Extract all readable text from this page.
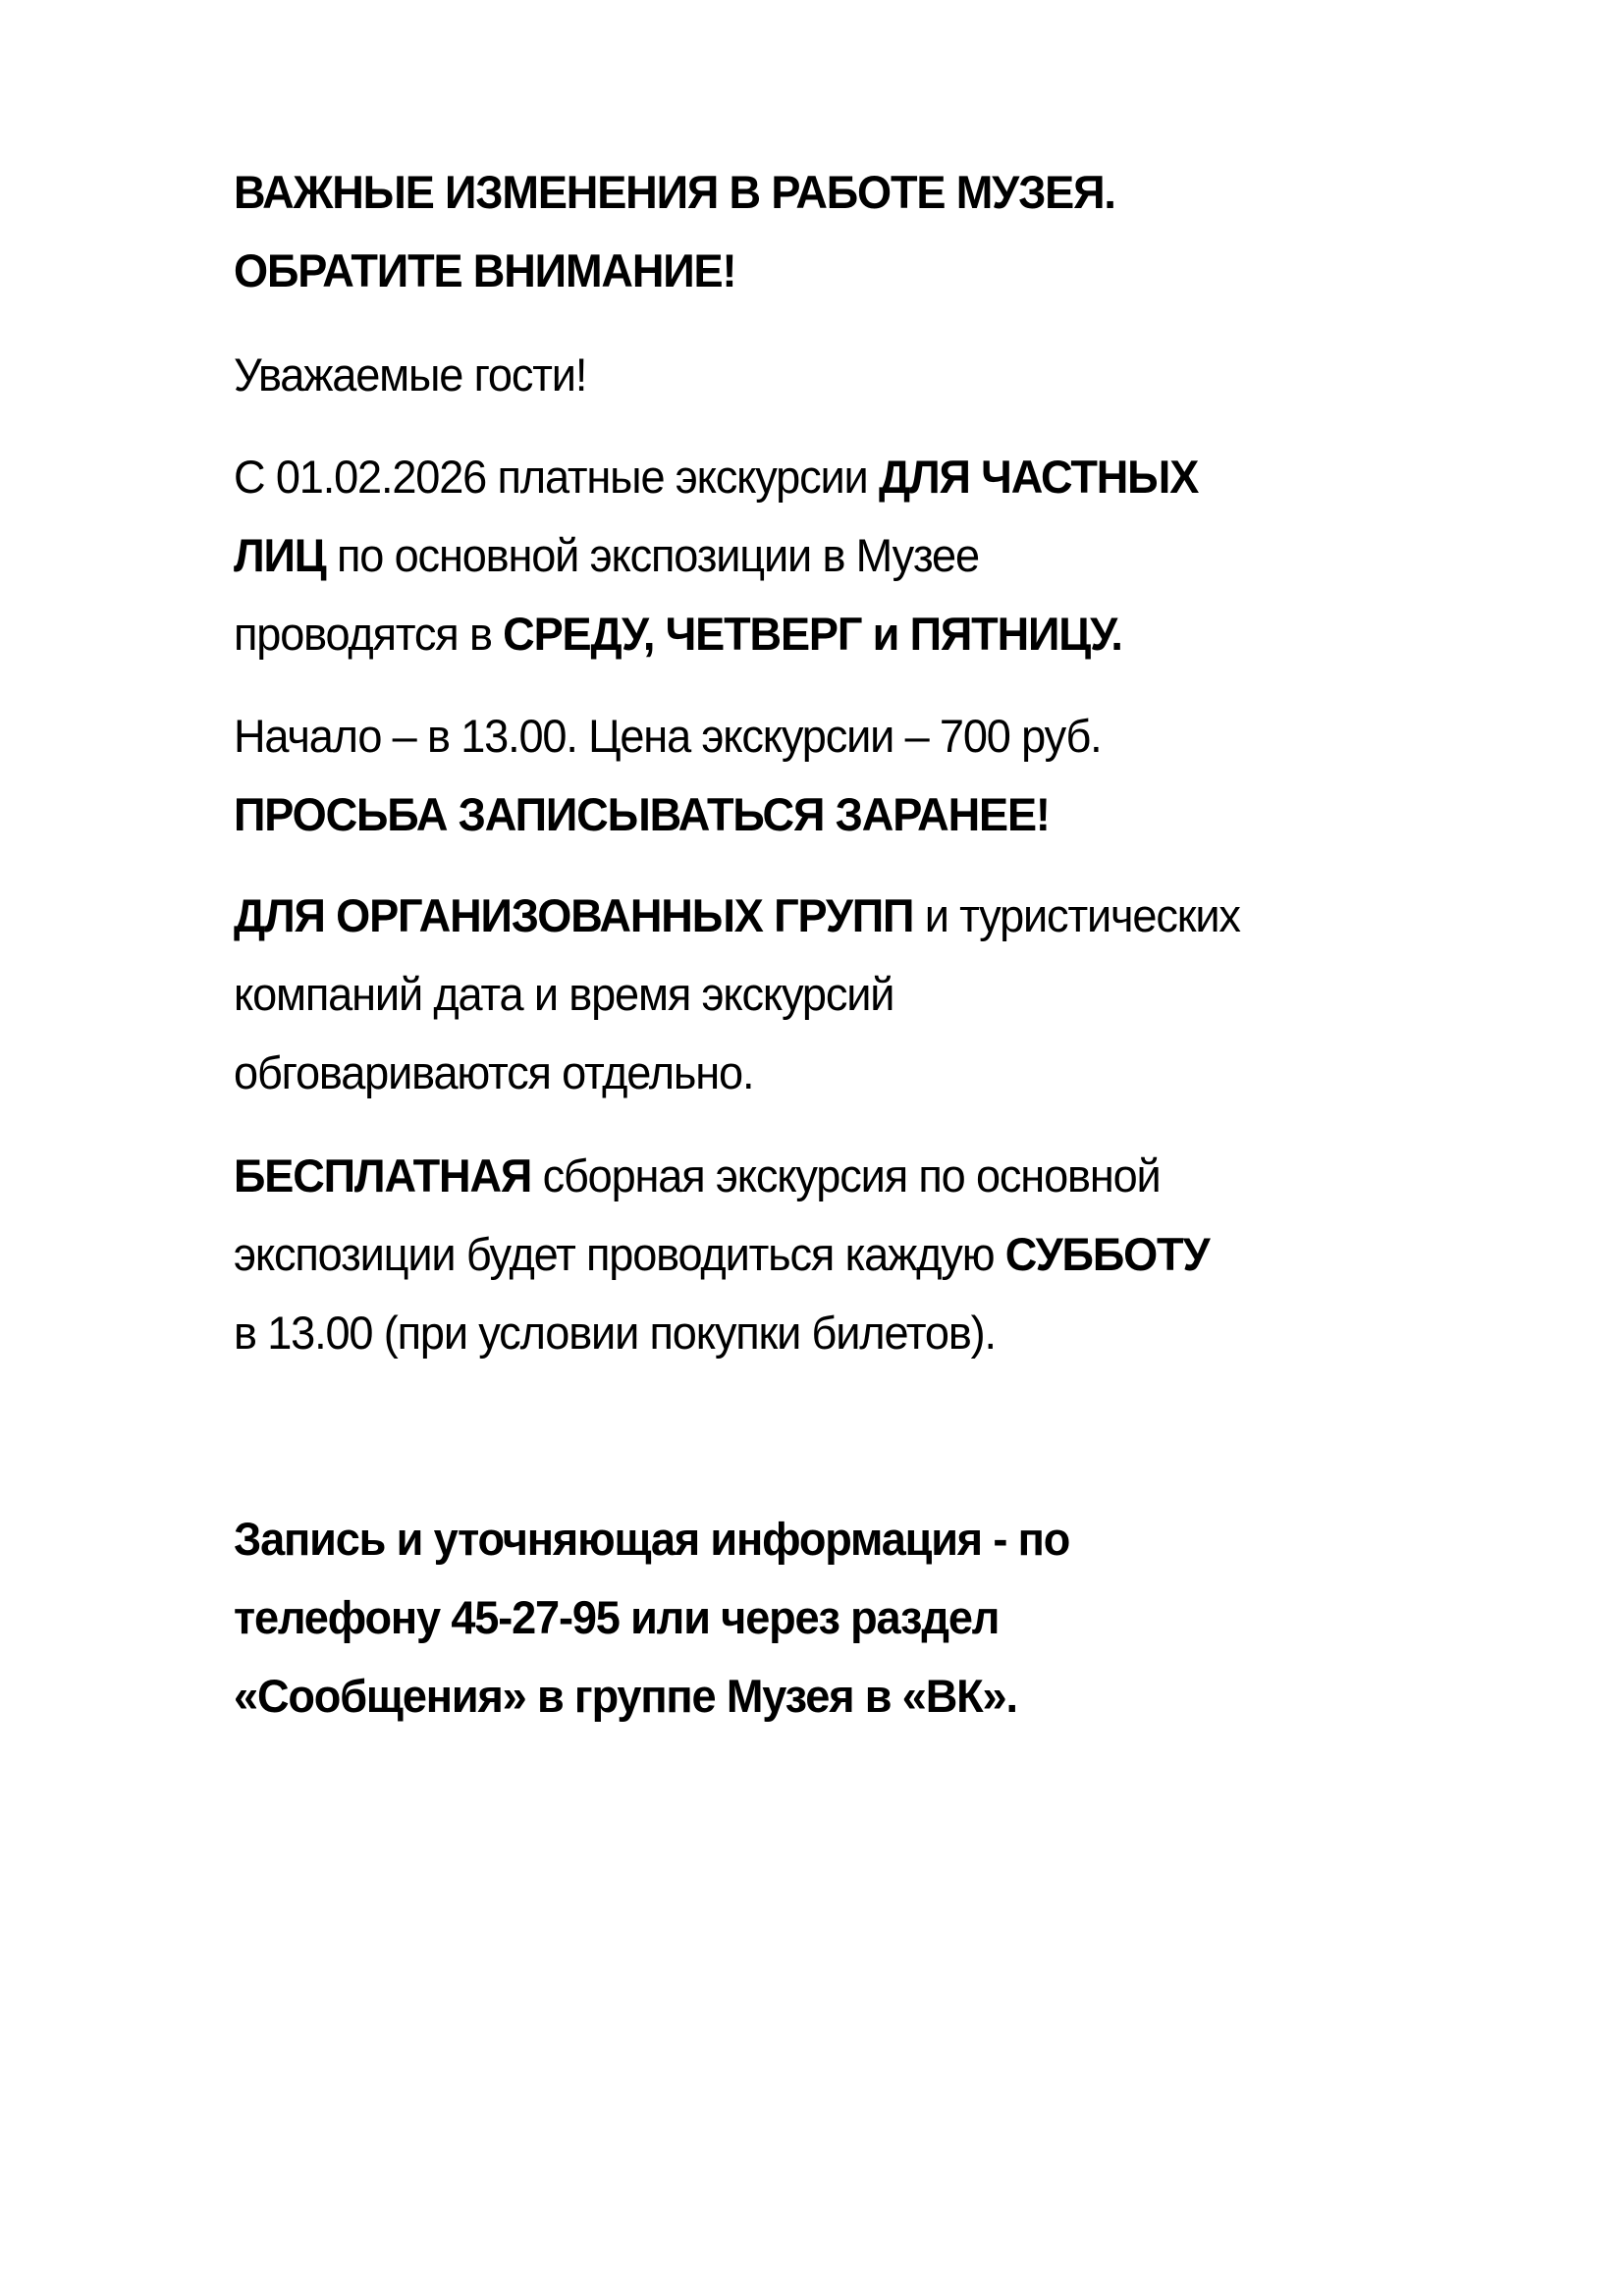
ВАЖНЫЕ ИЗМЕНЕНИЯ В РАБОТЕ МУЗЕЯ.
ОБРАТИТЕ ВНИМАНИЕ!
Уважаемые гости!
С 01.02.2026 платные экскурсии ДЛЯ ЧАСТНЫХ
ЛИЦ по основной экспозиции в Музее
проводятся в СРЕДУ, ЧЕТВЕРГ и ПЯТНИЦУ.
Начало – в 13.00. Цена экскурсии – 700 руб.
ПРОСЬБА ЗАПИСЫВАТЬСЯ ЗАРАНЕЕ!
ДЛЯ ОРГАНИЗОВАННЫХ ГРУПП и туристических
компаний дата и время экскурсий
обговариваются отдельно.
БЕСПЛАТНАЯ сборная экскурсия по основной
экспозиции будет проводиться каждую СУББОТУ
в 13.00 (при условии покупки билетов).
Запись и уточняющая информация - по
телефону 45-27-95 или через раздел
«Сообщения» в группе Музея в «ВК».
